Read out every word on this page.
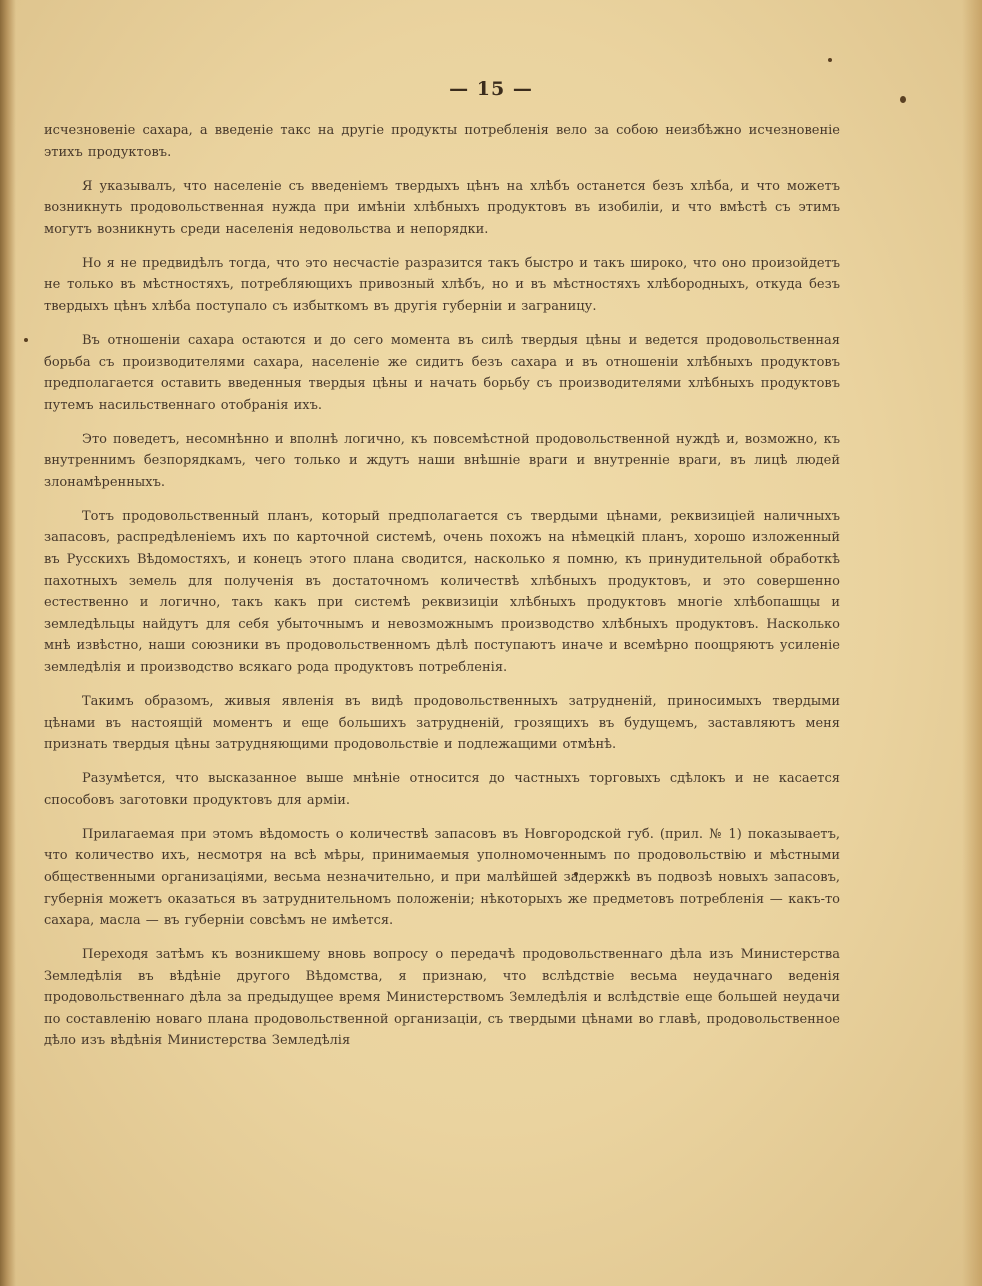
— 15 —

исчезновеніе сахара, а введеніе такс на другіе продукты потребленія вело за собою неизбѣжно исчезновеніе этихъ продуктовъ.

Я указывалъ, что населеніе съ введеніемъ твердыхъ цѣнъ на хлѣбъ останется безъ хлѣба, и что можетъ возникнуть продовольственная нужда при имѣніи хлѣбныхъ продуктовъ въ изобиліи, и что вмѣстѣ съ этимъ могутъ возникнуть среди населенія недовольства и непорядки.

Но я не предвидѣлъ тогда, что это несчастіе разразится такъ быстро и такъ широко, что оно произойдетъ не только въ мѣстностяхъ, потребляющихъ привозный хлѣбъ, но и въ мѣстностяхъ хлѣбородныхъ, откуда безъ твердыхъ цѣнъ хлѣба поступало съ избыткомъ въ другія губерніи и заграницу.

Въ отношеніи сахара остаются и до сего момента въ силѣ твердыя цѣны и ведется продовольственная борьба съ производителями сахара, населеніе же сидитъ безъ сахара и въ отношеніи хлѣбныхъ продуктовъ предполагается оставить введенныя твердыя цѣны и начать борьбу съ производителями хлѣбныхъ продуктовъ путемъ насильственнаго отобранія ихъ.

Это поведетъ, несомнѣнно и вполнѣ логично, къ повсемѣстной продовольственной нуждѣ и, возможно, къ внутреннимъ безпорядкамъ, чего только и ждутъ наши внѣшніе враги и внутренніе враги, въ лицѣ людей злонамѣренныхъ.

Тотъ продовольственный планъ, который предполагается съ твердыми цѣнами, реквизиціей наличныхъ запасовъ, распредѣленіемъ ихъ по карточной системѣ, очень похожъ на нѣмецкій планъ, хорошо изложенный въ Русскихъ Вѣдомостяхъ, и конецъ этого плана сводится, насколько я помню, къ принудительной обработкѣ пахотныхъ земель для полученія въ достаточномъ количествѣ хлѣбныхъ продуктовъ, и это совершенно естественно и логично, такъ какъ при системѣ реквизиціи хлѣбныхъ продуктовъ многіе хлѣбопашцы и земледѣльцы найдутъ для себя убыточнымъ и невозможнымъ производство хлѣбныхъ продуктовъ. Насколько мнѣ извѣстно, наши союзники въ продовольственномъ дѣлѣ поступаютъ иначе и всемѣрно поощряютъ усиленіе земледѣлія и производство всякаго рода продуктовъ потребленія.

Такимъ образомъ, живыя явленія въ видѣ продовольственныхъ затрудненій, приносимыхъ твердыми цѣнами въ настоящій моментъ и еще большихъ затрудненій, грозящихъ въ будущемъ, заставляютъ меня признать твердыя цѣны затрудняющими продовольствіе и подлежащими отмѣнѣ.

Разумѣется, что высказанное выше мнѣніе относится до частныхъ торговыхъ сдѣлокъ и не касается способовъ заготовки продуктовъ для арміи.

Прилагаемая при этомъ вѣдомость о количествѣ запасовъ въ Новгородской губ. (прил. № 1) показываетъ, что количество ихъ, несмотря на всѣ мѣры, принимаемыя уполномоченнымъ по продовольствію и мѣстными общественными организаціями, весьма незначительно, и при малѣйшей задержкѣ въ подвозѣ новыхъ запасовъ, губернія можетъ оказаться въ затруднительномъ положеніи; нѣкоторыхъ же предметовъ потребленія — какъ-то сахара, масла — въ губерніи совсѣмъ не имѣется.

Переходя затѣмъ къ возникшему вновь вопросу о передачѣ продовольственнаго дѣла изъ Министерства Земледѣлія въ вѣдѣніе другого Вѣдомства, я признаю, что вслѣдствіе весьма неудачнаго веденія продовольственнаго дѣла за предыдущее время Министерствомъ Земледѣлія и вслѣдствіе еще большей неудачи по составленію новаго плана продовольственной организаціи, съ твердыми цѣнами во главѣ, продовольственное дѣло изъ вѣдѣнія Министерства Земледѣлія
